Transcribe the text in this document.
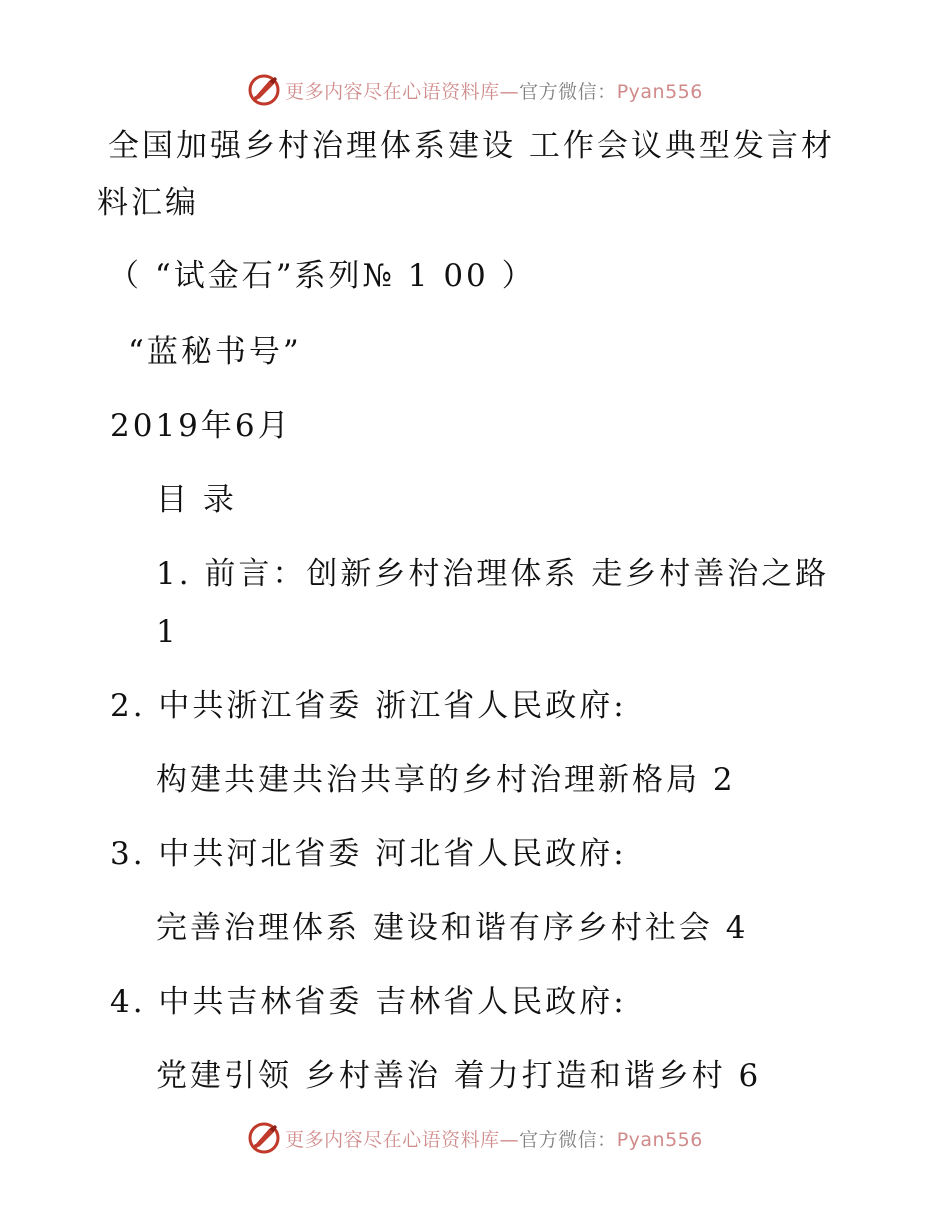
更多内容尽在心语资料库—官方微信：Pyan556
全国加强乡村治理体系建设 工作会议典型发言材
料汇编
（ “试金石”系列№ 1 00 ）
“蓝秘书号”
2019年6月
目 录
1. 前言：创新乡村治理体系 走乡村善治之路
1
2. 中共浙江省委 浙江省人民政府:
构建共建共治共享的乡村治理新格局 2
3. 中共河北省委 河北省人民政府:
完善治理体系 建设和谐有序乡村社会 4
4. 中共吉林省委 吉林省人民政府:
党建引领 乡村善治 着力打造和谐乡村 6
更多内容尽在心语资料库—官方微信：Pyan556
